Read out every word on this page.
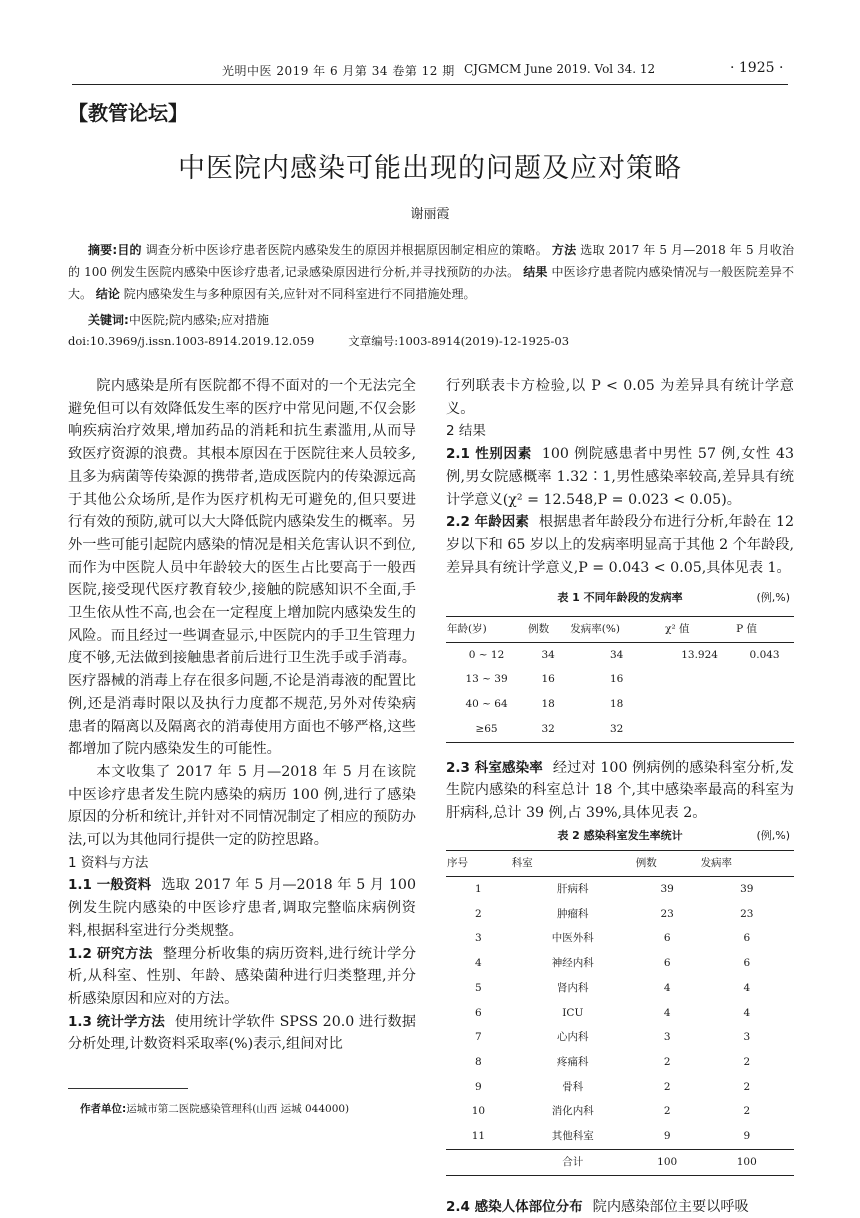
光明中医 2019 年 6 月第 34 卷第 12 期 CJGMCM June 2019. Vol 34. 12	· 1925 ·
【教管论坛】
中医院内感染可能出现的问题及应对策略
谢丽霞
摘要:目的 调查分析中医诊疗患者医院内感染发生的原因并根据原因制定相应的策略。 方法 选取 2017 年 5 月—2018 年 5 月收治的 100 例发生医院内感染中医诊疗患者,记录感染原因进行分析,并寻找预防的办法。 结果 中医诊疗患者院内感染情况与一般医院差异不大。 结论 院内感染发生与多种原因有关,应针对不同科室进行不同措施处理。
关键词:中医院;院内感染;应对措施
doi:10.3969/j.issn.1003-8914.2019.12.059	文章编号:1003-8914(2019)-12-1925-03

院内感染是所有医院都不得不面对的一个无法完全避免但可以有效降低发生率的医疗中常见问题,不仅会影响疾病治疗效果,增加药品的消耗和抗生素滥用,从而导致医疗资源的浪费。其根本原因在于医院往来人员较多,且多为病菌等传染源的携带者,造成医院内的传染源远高于其他公众场所,是作为医疗机构无可避免的,但只要进行有效的预防,就可以大大降低院内感染发生的概率。另外一些可能引起院内感染的情况是相关危害认识不到位,而作为中医院人员中年龄较大的医生占比要高于一般西医院,接受现代医疗教育较少,接触的院感知识不全面,手卫生依从性不高,也会在一定程度上增加院内感染发生的风险。而且经过一些调查显示,中医院内的手卫生管理力度不够,无法做到接触患者前后进行卫生洗手或手消毒。医疗器械的消毒上存在很多问题,不论是消毒液的配置比例,还是消毒时限以及执行力度都不规范,另外对传染病患者的隔离以及隔离衣的消毒使用方面也不够严格,这些都增加了院内感染发生的可能性。

本文收集了 2017 年 5 月—2018 年 5 月在该院中医诊疗患者发生院内感染的病历 100 例,进行了感染原因的分析和统计,并针对不同情况制定了相应的预防办法,可以为其他同行提供一定的防控思路。

1 资料与方法

1.1 一般资料 选取 2017 年 5 月—2018 年 5 月 100 例发生院内感染的中医诊疗患者,调取完整临床病例资料,根据科室进行分类规整。

1.2 研究方法 整理分析收集的病历资料,进行统计学分析,从科室、性别、年龄、感染菌种进行归类整理,并分析感染原因和应对的方法。

1.3 统计学方法 使用统计学软件 SPSS 20.0 进行数据分析处理,计数资料采取率(%)表示,组间对比

行列联表卡方检验,以 P < 0.05 为差异具有统计学意义。

2 结果

2.1 性别因素 100 例院感患者中男性 57 例,女性 43 例,男女院感概率 1.32∶1,男性感染率较高,差异具有统计学意义(χ² = 12.548,P = 0.023 < 0.05)。

2.2 年龄因素 根据患者年龄段分布进行分析,年龄在 12 岁以下和 65 岁以上的发病率明显高于其他 2 个年龄段,差异具有统计学意义,P = 0.043 < 0.05,具体见表 1。

表 1 不同年龄段的发病率	(例,%)
年龄(岁)	例数	发病率(%)	χ² 值	P 值
0 ~ 12	34	34	13.924	0.043
13 ~ 39	16	16		
40 ~ 64	18	18		
≥65	32	32		

2.3 科室感染率 经过对 100 例病例的感染科室分析,发生院内感染的科室总计 18 个,其中感染率最高的科室为肝病科,总计 39 例,占 39%,具体见表 2。

表 2 感染科室发生率统计	(例,%)
序号	科室	例数	发病率
1	肝病科	39	39
2	肿瘤科	23	23
3	中医外科	6	6
4	神经内科	6	6
5	肾内科	4	4
6	ICU	4	4
7	心内科	3	3
8	疼痛科	2	2
9	骨科	2	2
10	消化内科	2	2
11	其他科室	9	9
	合计	100	100

2.4 感染人体部位分布 院内感染部位主要以呼吸

作者单位:运城市第二医院感染管理科(山西 运城 044000)
